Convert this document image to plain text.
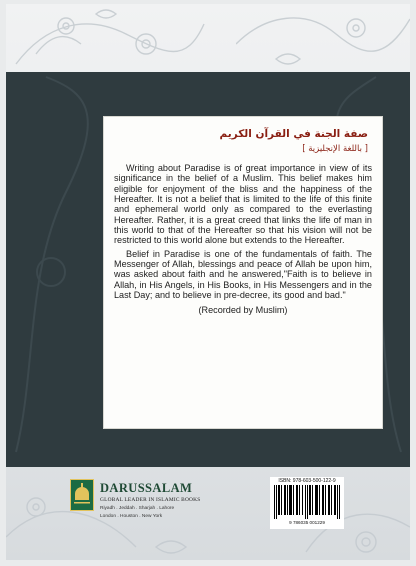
صفة الجنة في القرآن الكريم
[ باللغة الإنجليزية ]

Writing about Paradise is of great importance in view of its significance in the belief of a Muslim. This belief makes him eligible for enjoyment of the bliss and the happiness of the Hereafter. It is not a belief that is limited to the life of this finite and ephemeral world only as compared to the everlasting Hereafter. Rather, it is a great creed that links the life of man in this world to that of the Hereafter so that his vision will not be restricted to this world alone but extends to the Hereafter.

Belief in Paradise is one of the fundamentals of faith. The Messenger of Allah, blessings and peace of Allah be upon him, was asked about faith and he answered,"Faith is to believe in Allah, in His Angels, in His Books, in His Messengers and in the Last Day; and to believe in pre-decree, its good and bad."

(Recorded by Muslim)
DARUSSALAM
GLOBAL LEADER IN ISLAMIC BOOKS
Riyadh . Jeddah . Sharjah . Lahore
London . Houston . New York
ISBN: 978-603-500-122-9
9 786035 001229
